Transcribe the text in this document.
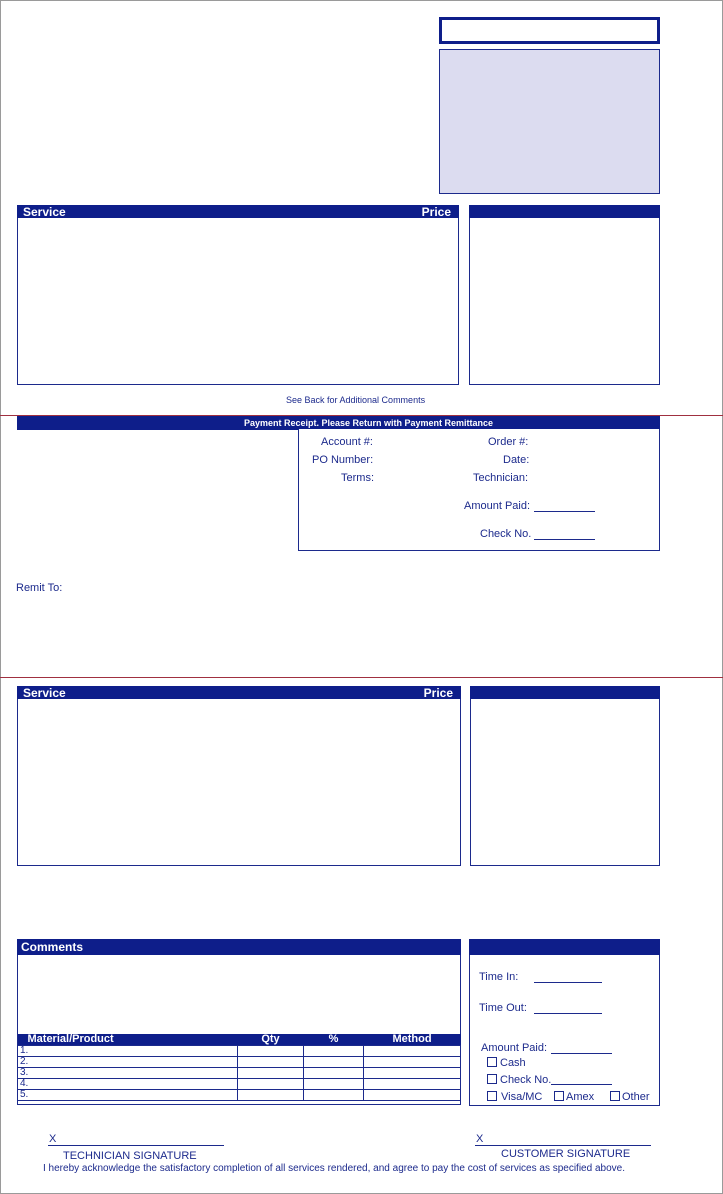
Service	Price
See Back for Additional Comments
Payment Receipt. Please Return with Payment Remittance
Account #:	Order #:
PO Number:	Date:
Terms:	Technician:
Amount Paid:
Check No.
Remit To:
Service	Price
Comments
Material/Product	Qty	%	Method
1.			
2.			
3.			
4.			
5.			
Time In:
Time Out:
Amount Paid:
Cash
Check No.
Visa/MC Amex	Other
X
TECHNICIAN SIGNATURE
X
CUSTOMER SIGNATURE
I hereby acknowledge the satisfactory completion of all services rendered, and agree to pay the cost of services as specified above.
